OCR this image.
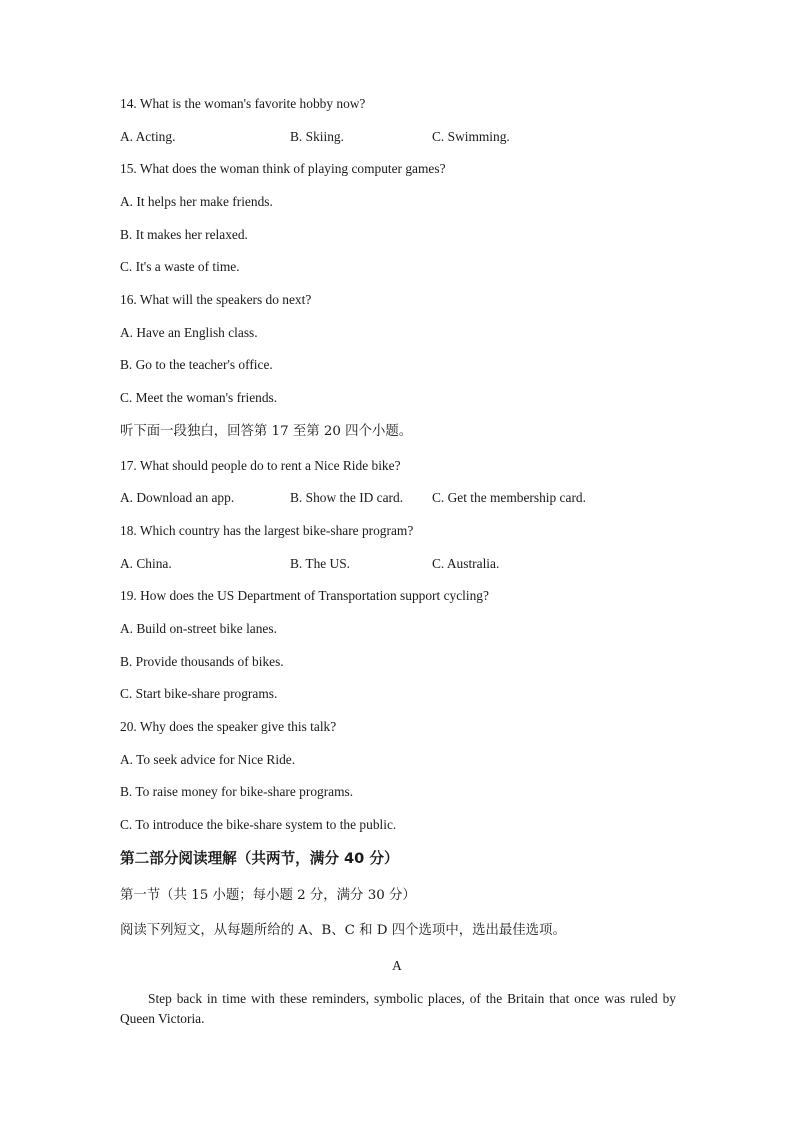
14. What is the woman's favorite hobby now?
A. Acting.	B. Skiing.	C. Swimming.
15. What does the woman think of playing computer games?
A. It helps her make friends.
B. It makes her relaxed.
C. It's a waste of time.
16. What will the speakers do next?
A. Have an English class.
B. Go to the teacher's office.
C. Meet the woman's friends.
听下面一段独白，回答第 17 至第 20 四个小题。
17. What should people do to rent a Nice Ride bike?
A. Download an app.	B. Show the ID card. C. Get the membership card.
18. Which country has the largest bike-share program?
A. China.	B. The US.	C. Australia.
19. How does the US Department of Transportation support cycling?
A. Build on-street bike lanes.
B. Provide thousands of bikes.
C. Start bike-share programs.
20. Why does the speaker give this talk?
A. To seek advice for Nice Ride.
B. To raise money for bike-share programs.
C. To introduce the bike-share system to the public.
第二部分阅读理解（共两节，满分 40 分）
第一节（共 15 小题；每小题 2 分，满分 30 分）
阅读下列短文，从每题所给的 A、B、C 和 D 四个选项中，选出最佳选项。
A
Step back in time with these reminders, symbolic places, of the Britain that once was ruled by Queen Victoria.
